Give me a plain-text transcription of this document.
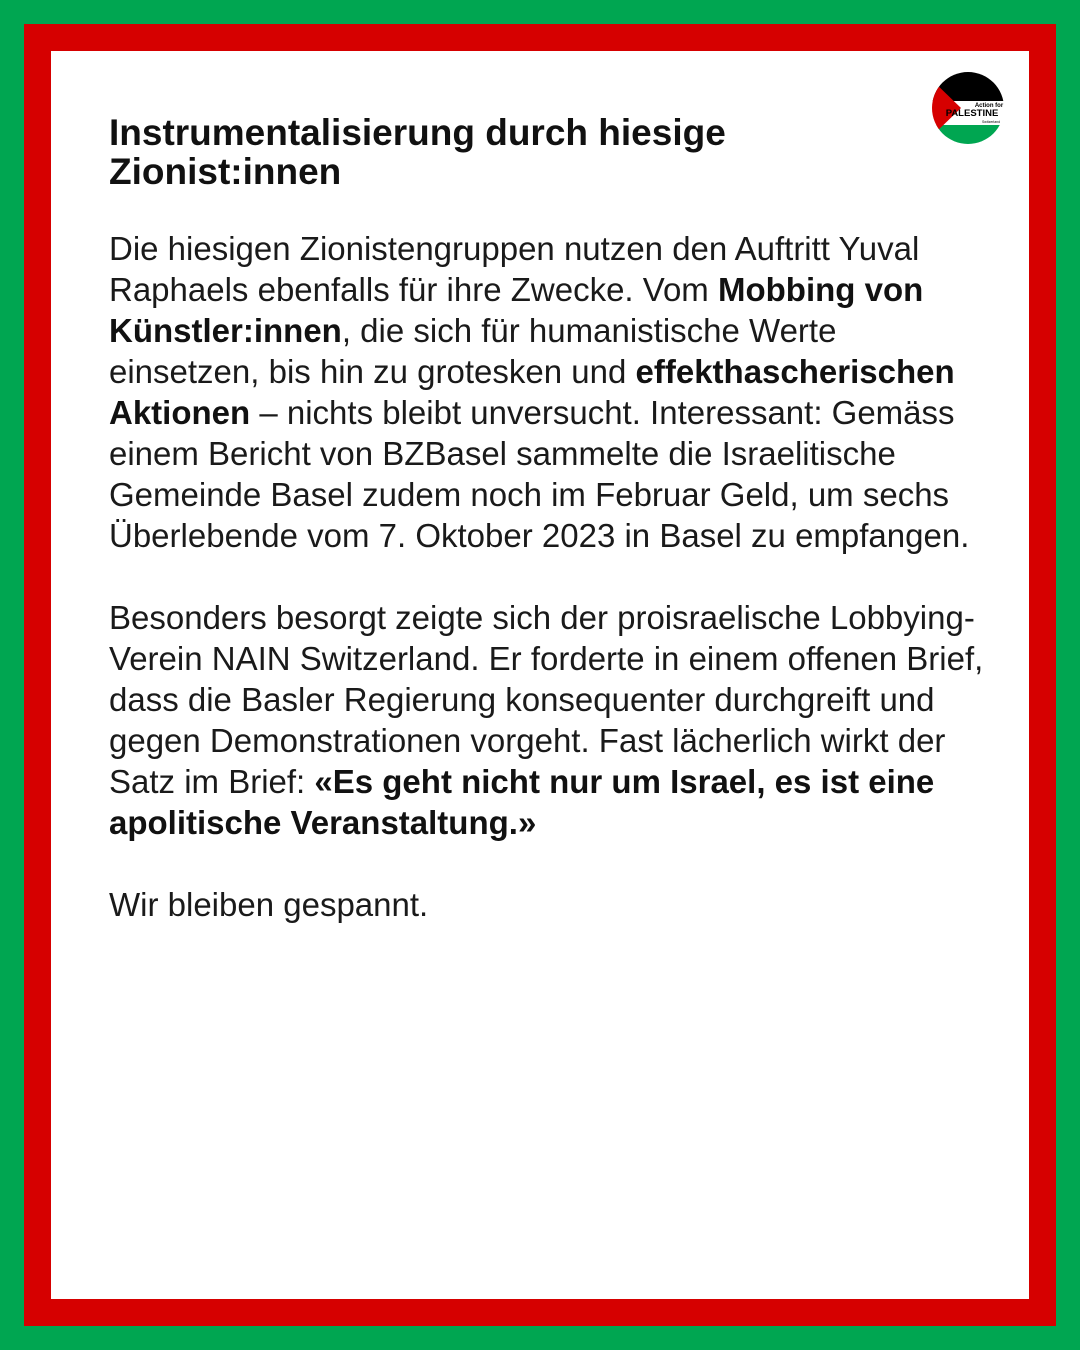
Action for
PALESTINE
Switzerland
Instrumentalisierung durch hiesige Zionist:innen

Die hiesigen Zionistengruppen nutzen den Auftritt Yuval Raphaels ebenfalls für ihre Zwecke. Vom Mobbing von Künstler:innen, die sich für humanistische Werte einsetzen, bis hin zu grotesken und effekthascherischen Aktionen – nichts bleibt unversucht. Interessant: Gemäss einem Bericht von BZBasel sammelte die Israelitische Gemeinde Basel zudem noch im Februar Geld, um sechs Überlebende vom 7. Oktober 2023 in Basel zu empfangen.

Besonders besorgt zeigte sich der proisraelische Lobbying-Verein NAIN Switzerland. Er forderte in einem offenen Brief, dass die Basler Regierung konsequenter durchgreift und gegen Demonstrationen vorgeht. Fast lächerlich wirkt der Satz im Brief: «Es geht nicht nur um Israel, es ist eine apolitische Veranstaltung.»

Wir bleiben gespannt.
